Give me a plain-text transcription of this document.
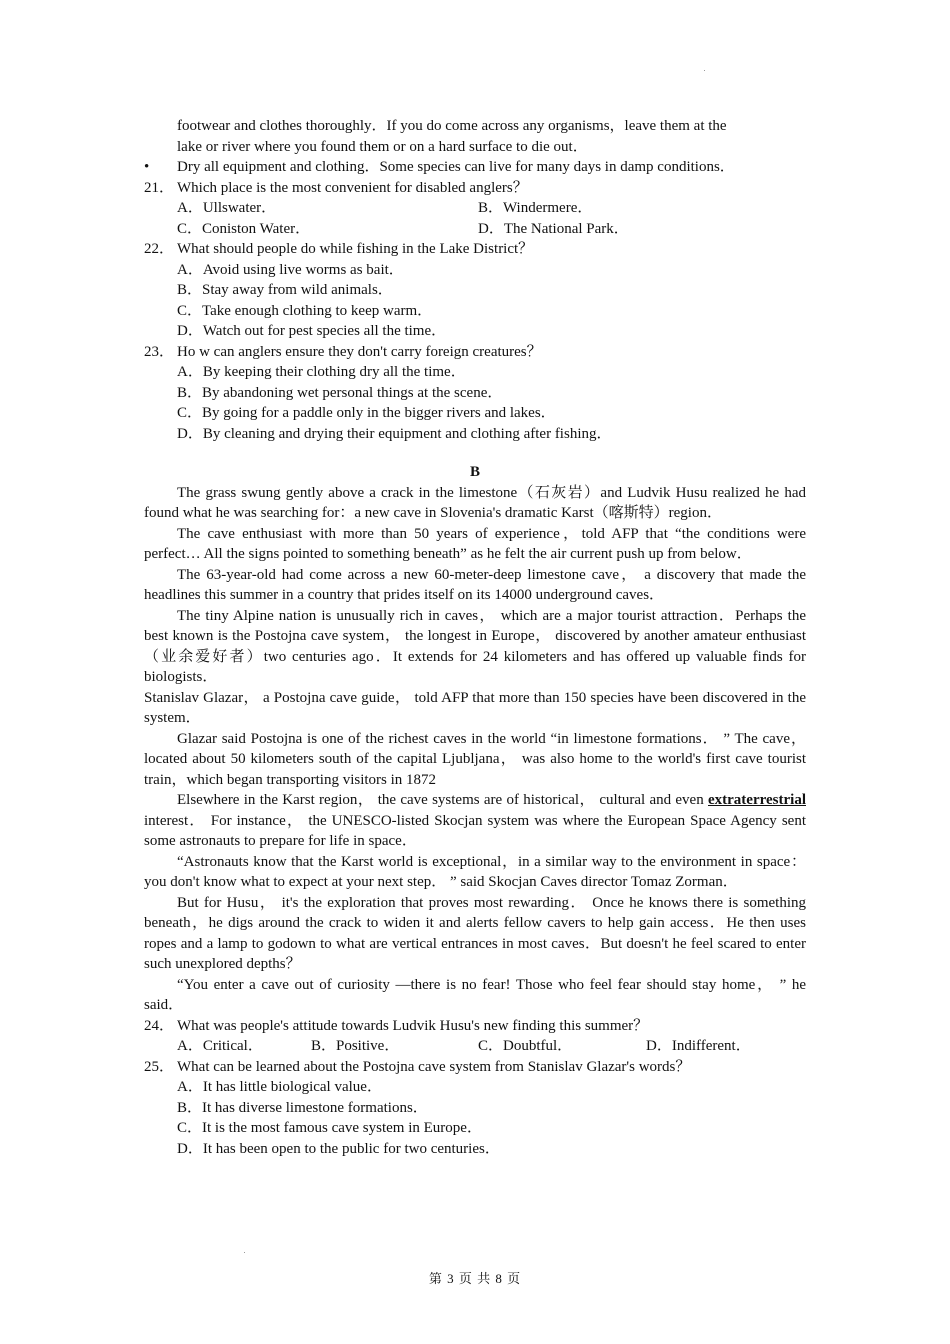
footwear and clothes thoroughly．If you do come across any organisms，leave them at the
lake or river where you found them or on a hard surface to die out．
• Dry all equipment and clothing．Some species can live for many days in damp conditions．
21． Which place is the most convenient for disabled anglers？
A．Ullswater．	B．Windermere．
C．Coniston Water．	D．The National Park．
22． What should people do while fishing in the Lake District？
A．Avoid using live worms as bait．
B．Stay away from wild animals．
C．Take enough clothing to keep warm．
D．Watch out for pest species all the time．
23． Ho w can anglers ensure they don't carry foreign creatures？
A．By keeping their clothing dry all the time．
B．By abandoning wet personal things at the scene．
C．By going for a paddle only in the bigger rivers and lakes．
D．By cleaning and drying their equipment and clothing after fishing．
B

The grass swung gently above a crack in the limestone（石灰岩）and Ludvik Husu realized he had found what he was searching for：a new cave in Slovenia's dramatic Karst（喀斯特）region．

The cave enthusiast with more than 50 years of experience，told AFP that “the conditions were perfect… All the signs pointed to something beneath” as he felt the air current push up from below．

The 63-year-old had come across a new 60-meter-deep limestone cave， a discovery that made the headlines this summer in a country that prides itself on its 14000 underground caves．

The tiny Alpine nation is unusually rich in caves， which are a major tourist attraction．Perhaps the best known is the Postojna cave system， the longest in Europe， discovered by another amateur enthusiast（业余爱好者）two centuries ago．It extends for 24 kilometers and has offered up valuable finds for biologists．

Stanislav Glazar， a Postojna cave guide， told AFP that more than 150 species have been discovered in the system．

Glazar said Postojna is one of the richest caves in the world “in limestone formations． ” The cave， located about 50 kilometers south of the capital Ljubljana， was also home to the world's first cave tourist train，which began transporting visitors in 1872

Elsewhere in the Karst region， the cave systems are of historical， cultural and even extraterrestrial interest． For instance， the UNESCO-listed Skocjan system was where the European Space Agency sent some astronauts to prepare for life in space．

“Astronauts know that the Karst world is exceptional，in a similar way to the environment in space：you don't know what to expect at your next step． ” said Skocjan Caves director Tomaz Zorman．

But for Husu， it's the exploration that proves most rewarding． Once he knows there is something beneath，he digs around the crack to widen it and alerts fellow cavers to help gain access．He then uses ropes and a lamp to godown to what are vertical entrances in most caves．But doesn't he feel scared to enter such unexplored depths？

“You enter a cave out of curiosity —there is no fear! Those who feel fear should stay home， ” he said．

24． What was people's attitude towards Ludvik Husu's new finding this summer？
A．Critical．	B．Positive．	C．Doubtful．	D．Indifferent．
25． What can be learned about the Postojna cave system from Stanislav Glazar's words？
A．It has little biological value．
B．It has diverse limestone formations．
C．It is the most famous cave system in Europe．
D．It has been open to the public for two centuries．
第 3 页 共 8 页
